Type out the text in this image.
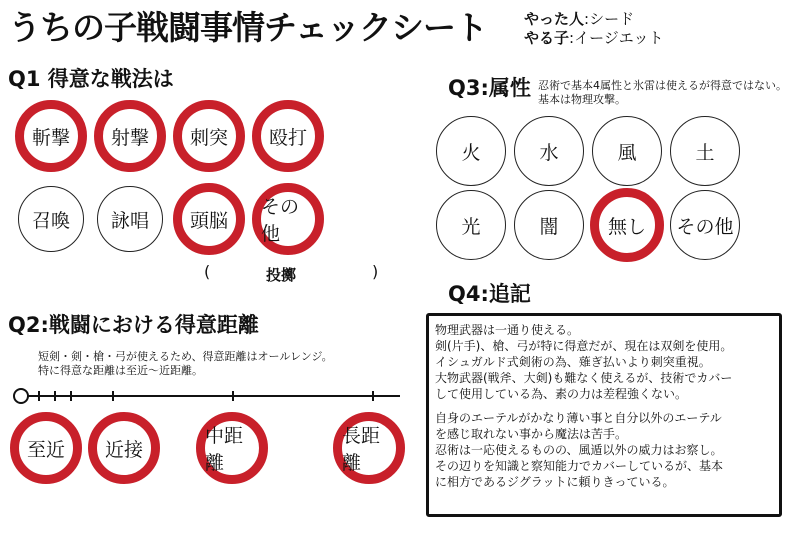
うちの子戦闘事情チェックシート やった人:シード
やる子:イージエット
Q1 得意な戦法は
斬撃 射撃 刺突 殴打
召喚 詠唱 頭脳
その他
(	投擲	)
Q2:戦闘における得意距離
短剣・剣・槍・弓が使えるため、得意距離はオールレンジ。
特に得意な距離は至近～近距離。
至近 近接
中距離
長距離
Q3:属性 忍術で基本4属性と氷雷は使えるが得意ではない。
基本は物理攻撃。
火	水	風	土
光	闇	無し その他
Q4:追記

物理武器は一通り使える。
剣(片手)、槍、弓が特に得意だが、現在は双剣を使用。
イシュガルド式剣術の為、薙ぎ払いより刺突重視。
大物武器(戦斧、大剣)も難なく使えるが、技術でカバー
して使用している為、素の力は差程強くない。

自身のエーテルがかなり薄い事と自分以外のエーテル
を感じ取れない事から魔法は苦手。
忍術は一応使えるものの、風遁以外の威力はお察し。
その辺りを知識と察知能力でカバーしているが、基本
に相方であるジグラットに頼りきっている。
